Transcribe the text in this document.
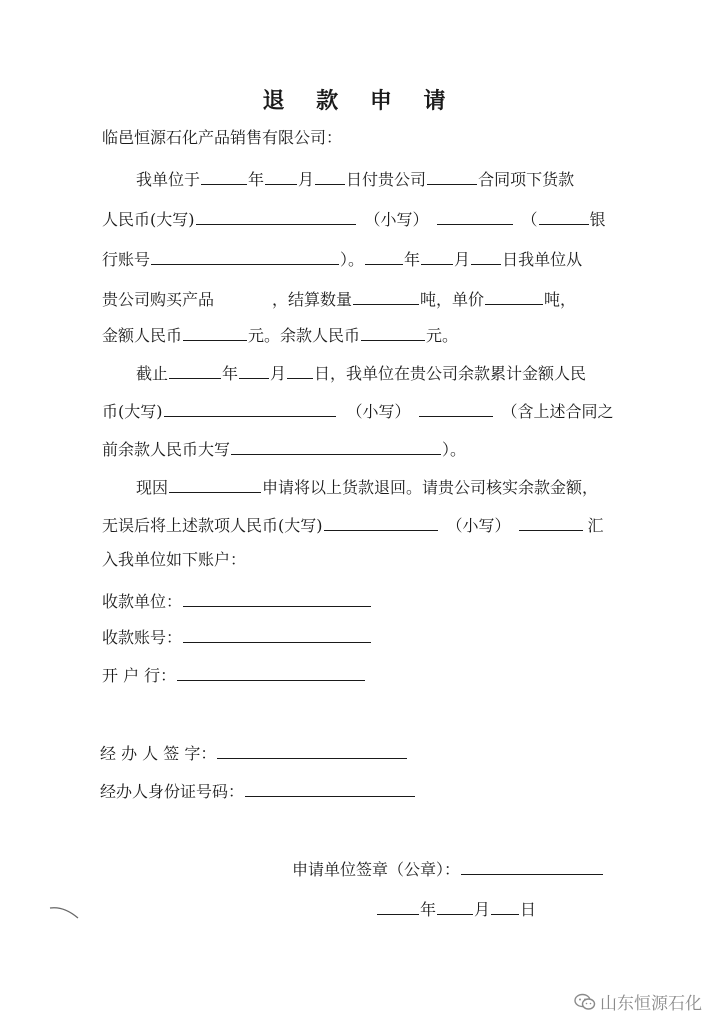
退 款 申 请
临邑恒源石化产品销售有限公司：
我单位于	年 月 日付贵公司	合同项下货款
人民币(大写)	（小写）	（	银
行账号	）。	年 月 日我单位从
贵公司购买产品	，结算数量	吨，单价	吨，
金额人民币	元。余款人民币	元。
截止	年 月 日，我单位在贵公司余款累计金额人民
币(大写)	（小写）	（含上述合同之
前余款人民币大写	）。
现因	申请将以上货款退回。请贵公司核实余款金额，
无误后将上述款项人民币(大写)	（小写）	汇
入我单位如下账户：
收款单位：
收款账号：
开 户 行：
经 办 人 签 字：
经办人身份证号码：
申请单位签章（公章）：
年 月 日
山东恒源石化
